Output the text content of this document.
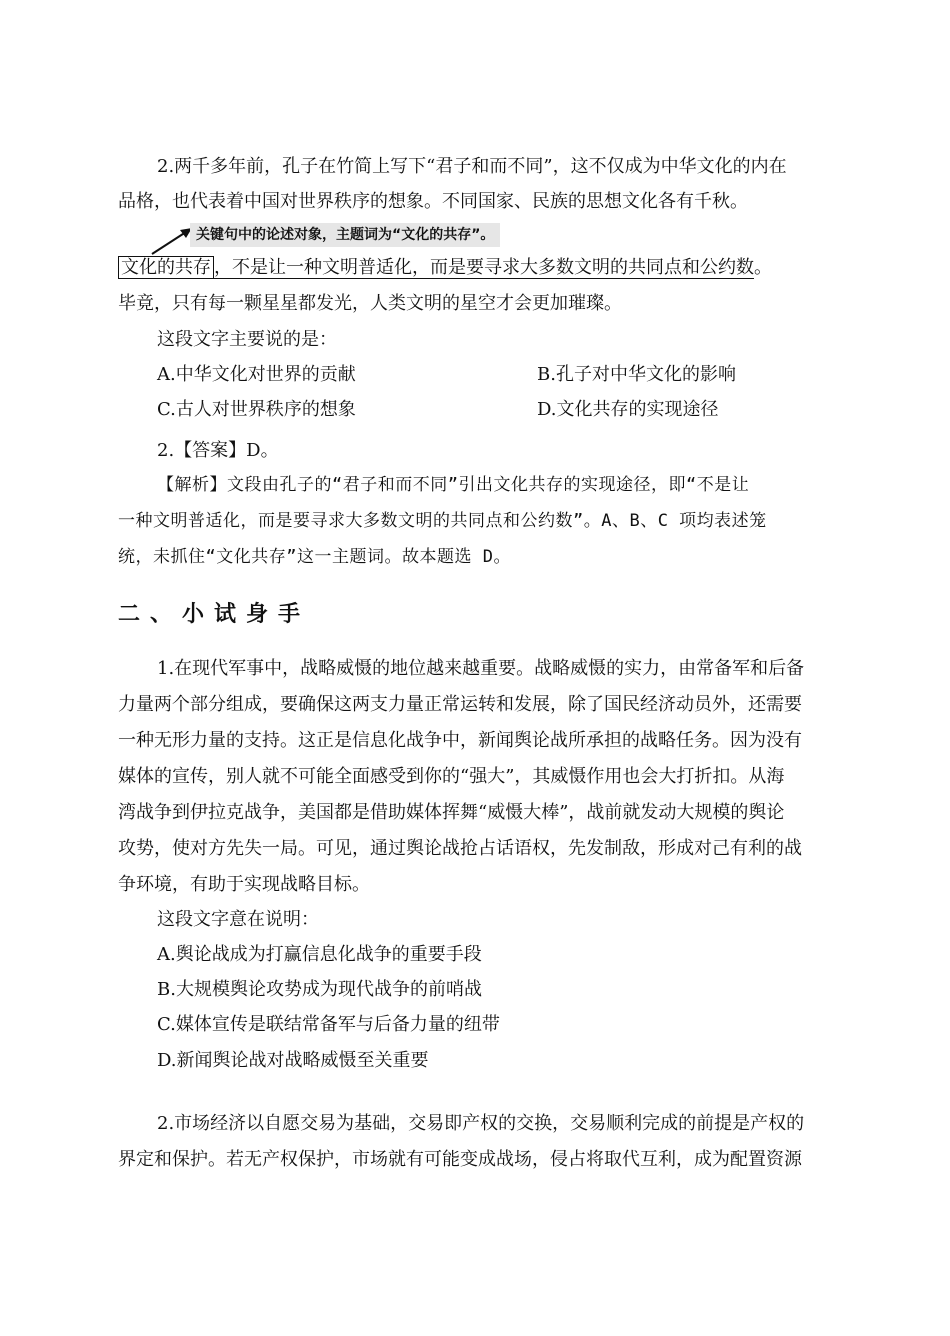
2.两千多年前，孔子在竹简上写下“君子和而不同”，这不仅成为中华文化的内在
品格，也代表着中国对世界秩序的想象。不同国家、民族的思想文化各有千秋。
关键句中的论述对象，主题词为“文化的共存”。
文化的共存 ，不是让一种文明普适化，而是要寻求大多数文明的共同点和公约数。
毕竟，只有每一颗星星都发光，人类文明的星空才会更加璀璨。
这段文字主要说的是：
A.中华文化对世界的贡献	B.孔子对中华文化的影响
C.古人对世界秩序的想象	D.文化共存的实现途径
2.【答案】D。
【解析】文段由孔子的“君子和而不同”引出文化共存的实现途径，即“不是让
一种文明普适化，而是要寻求大多数文明的共同点和公约数”。A、B、C 项均表述笼
统，未抓住“文化共存”这一主题词。故本题选 D。
二、小试身手
1.在现代军事中，战略威慑的地位越来越重要。战略威慑的实力，由常备军和后备
力量两个部分组成，要确保这两支力量正常运转和发展，除了国民经济动员外，还需要
一种无形力量的支持。这正是信息化战争中，新闻舆论战所承担的战略任务。因为没有
媒体的宣传，别人就不可能全面感受到你的“强大”，其威慑作用也会大打折扣。从海
湾战争到伊拉克战争，美国都是借助媒体挥舞“威慑大棒”，战前就发动大规模的舆论
攻势，使对方先失一局。可见，通过舆论战抢占话语权，先发制敌，形成对己有利的战
争环境，有助于实现战略目标。
这段文字意在说明：
A.舆论战成为打赢信息化战争的重要手段
B.大规模舆论攻势成为现代战争的前哨战
C.媒体宣传是联结常备军与后备力量的纽带
D.新闻舆论战对战略威慑至关重要
2.市场经济以自愿交易为基础，交易即产权的交换，交易顺利完成的前提是产权的
界定和保护。若无产权保护，市场就有可能变成战场，侵占将取代互利，成为配置资源
